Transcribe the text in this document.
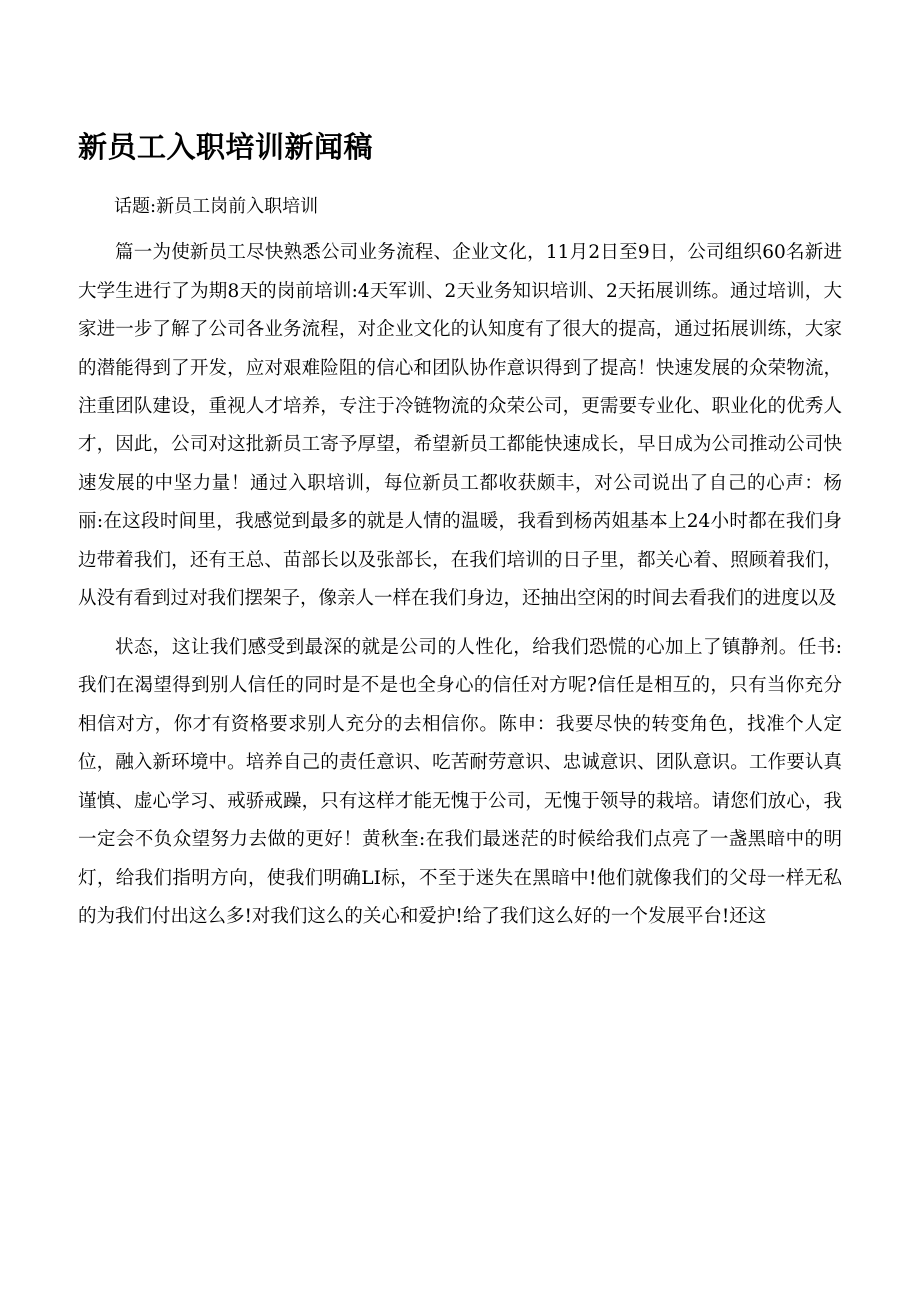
新员工入职培训新闻稿

话题:新员工岗前入职培训

篇一为使新员工尽快熟悉公司业务流程、企业文化，11月2日至9日，公司组织60名新进大学生进行了为期8天的岗前培训:4天军训、2天业务知识培训、2天拓展训练。通过培训，大家进一步了解了公司各业务流程，对企业文化的认知度有了很大的提高，通过拓展训练，大家的潜能得到了开发，应对艰难险阻的信心和团队协作意识得到了提高！快速发展的众荣物流，注重团队建设，重视人才培养，专注于冷链物流的众荣公司，更需要专业化、职业化的优秀人才，因此，公司对这批新员工寄予厚望，希望新员工都能快速成长，早日成为公司推动公司快速发展的中坚力量！通过入职培训，每位新员工都收获颇丰，对公司说出了自己的心声：杨丽:在这段时间里，我感觉到最多的就是人情的温暖，我看到杨芮姐基本上24小时都在我们身边带着我们，还有王总、苗部长以及张部长，在我们培训的日子里，都关心着、照顾着我们，从没有看到过对我们摆架子，像亲人一样在我们身边，还抽出空闲的时间去看我们的进度以及

状态，这让我们感受到最深的就是公司的人性化，给我们恐慌的心加上了镇静剂。任书:我们在渴望得到别人信任的同时是不是也全身心的信任对方呢?信任是相互的，只有当你充分相信对方，你才有资格要求别人充分的去相信你。陈申：我要尽快的转变角色，找准个人定位，融入新环境中。培养自己的责任意识、吃苦耐劳意识、忠诚意识、团队意识。工作要认真谨慎、虚心学习、戒骄戒躁，只有这样才能无愧于公司，无愧于领导的栽培。请您们放心，我一定会不负众望努力去做的更好！黄秋奎:在我们最迷茫的时候给我们点亮了一盏黑暗中的明灯，给我们指明方向，使我们明确LI标，不至于迷失在黑暗中!他们就像我们的父母一样无私的为我们付出这么多!对我们这么的关心和爱护!给了我们这么好的一个发展平台!还这
